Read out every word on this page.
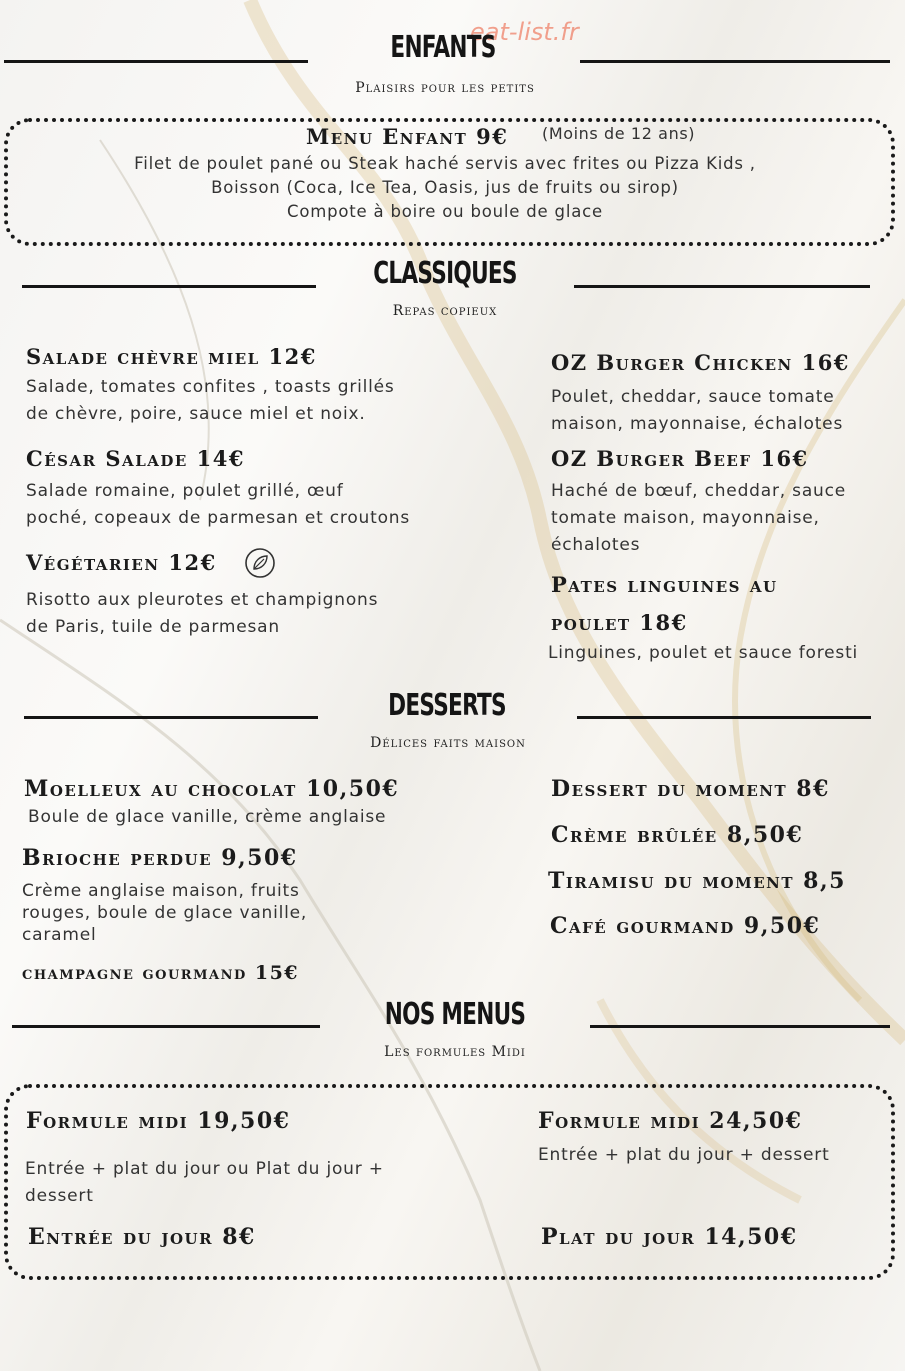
eat-list.fr
ENFANTS
Plaisirs pour les petits
Menu Enfant 9€ (Moins de 12 ans)
Filet de poulet pané ou Steak haché servis avec frites ou Pizza Kids ,
Boisson (Coca, Ice Tea, Oasis, jus de fruits ou sirop)
Compote à boire ou boule de glace
CLASSIQUES
Repas copieux
Salade chèvre miel 12€
Salade, tomates confites , toasts grillés
de chèvre, poire, sauce miel et noix.
César Salade 14€
Salade romaine, poulet grillé, œuf
poché, copeaux de parmesan et croutons
Végétarien 12€
Risotto aux pleurotes et champignons
de Paris, tuile de parmesan
OZ Burger Chicken 16€
Poulet, cheddar, sauce tomate
maison, mayonnaise, échalotes
OZ Burger Beef 16€
Haché de bœuf, cheddar, sauce
tomate maison, mayonnaise,
échalotes
Pates linguines au
poulet 18€
Linguines, poulet et sauce foresti
DESSERTS
Délices faits maison
Moelleux au chocolat 10,50€
Boule de glace vanille, crème anglaise
Brioche perdue 9,50€
Crème anglaise maison, fruits
rouges, boule de glace vanille,
caramel
champagne gourmand 15€
Dessert du moment 8€
Crème brûlée 8,50€
Tiramisu du moment 8,5
Café gourmand 9,50€
NOS MENUS
Les formules Midi
Formule midi 19,50€
Entrée + plat du jour ou Plat du jour +
dessert
Formule midi 24,50€
Entrée + plat du jour + dessert
Entrée du jour 8€	Plat du jour 14,50€
